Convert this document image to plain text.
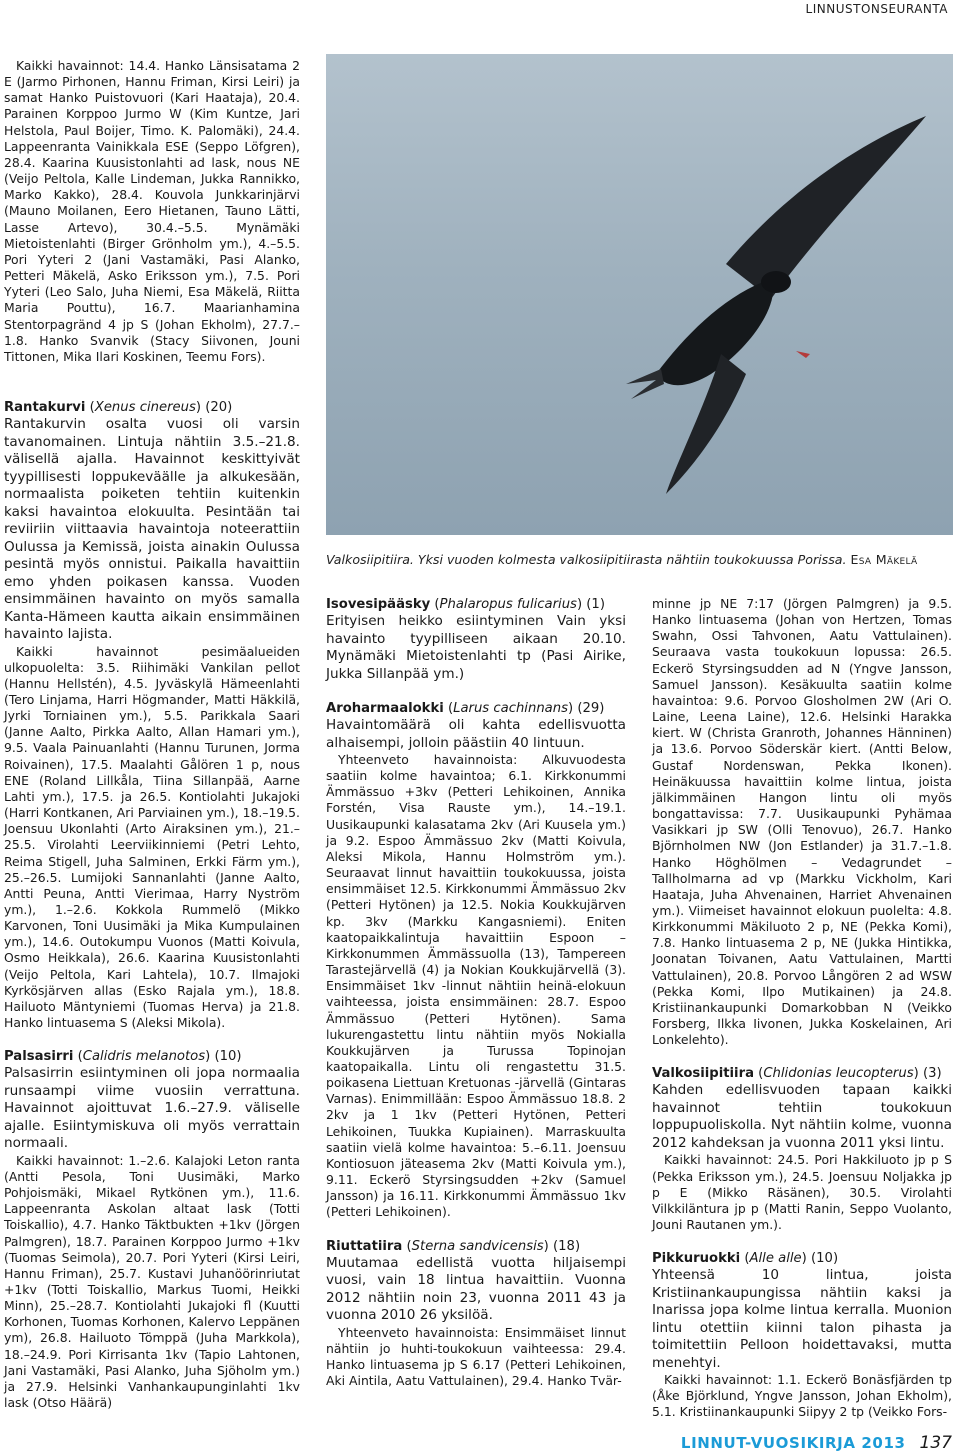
LINNUSTONSEURANTA

Kaikki havainnot: 14.4. Hanko Länsisatama 2 E (Jarmo Pirhonen, Hannu Friman, Kirsi Leiri) ja samat Hanko Puistovuori (Kari Haataja), 20.4. Parainen Korppoo Jurmo W (Kim Kuntze, Jari Helstola, Paul Boijer, Timo. K. Palomäki), 24.4. Lappeenranta Vainikkala ESE (Seppo Löfgren), 28.4. Kaarina Kuusistonlahti ad lask, nous NE (Veijo Peltola, Kalle Lindeman, Jukka Rannikko, Marko Kakko), 28.4. Kouvola Junkkarinjärvi (Mauno Moilanen, Eero Hietanen, Tauno Lätti, Lasse Artevo), 30.4.–5.5. Mynämäki Mietoistenlahti (Birger Grönholm ym.), 4.–5.5. Pori Yyteri 2 (Jani Vastamäki, Pasi Alanko, Petteri Mäkelä, Asko Eriksson ym.), 7.5. Pori Yyteri (Leo Salo, Juha Niemi, Esa Mäkelä, Riitta Maria Pouttu), 16.7. Maarianhamina Stentorpagränd 4 jp S (Johan Ekholm), 27.7.–1.8. Hanko Svanvik (Stacy Siivonen, Jouni Tittonen, Mika Ilari Koskinen, Teemu Fors).

Rantakurvi (Xenus cinereus) (20)

Rantakurvin osalta vuosi oli varsin tavanomainen. Lintuja nähtiin 3.5.–21.8. välisellä ajalla. Havainnot keskittyivät tyypillisesti loppukeväälle ja alkukesään, normaalista poiketen tehtiin kuitenkin kaksi havaintoa elokuulta. Pesintään tai reviiriin viittaavia havaintoja noteerattiin Oulussa ja Kemissä, joista ainakin Oulussa pesintä myös onnistui. Paikalla havaittiin emo yhden poikasen kanssa. Vuoden ensimmäinen havainto on myös samalla Kanta-Hämeen kautta aikain ensimmäinen havainto lajista.

Kaikki havainnot pesimäalueiden ulkopuolelta: 3.5. Riihimäki Vankilan pellot (Hannu Hellstén), 4.5. Jyväskylä Hämeenlahti (Tero Linjama, Harri Högmander, Matti Häkkilä, Jyrki Torniainen ym.), 5.5. Parikkala Saari (Janne Aalto, Pirkka Aalto, Allan Hamari ym.), 9.5. Vaala Painuanlahti (Hannu Turunen, Jorma Roivainen), 17.5. Maalahti Gålören 1 p, nous ENE (Roland Lillkåla, Tiina Sillanpää, Aarne Lahti ym.), 17.5. ja 26.5. Kontiolahti Jukajoki (Harri Kontkanen, Ari Parviainen ym.), 18.–19.5. Joensuu Ukonlahti (Arto Airaksinen ym.), 21.–25.5. Virolahti Leerviikinniemi (Petri Lehto, Reima Stigell, Juha Salminen, Erkki Färm ym.), 25.–26.5. Lumijoki Sannanlahti (Janne Aalto, Antti Peuna, Antti Vierimaa, Harry Nyström ym.), 1.–2.6. Kokkola Rummelö (Mikko Karvonen, Toni Uusimäki ja Mika Kumpulainen ym.), 14.6. Outokumpu Vuonos (Matti Koivula, Osmo Heikkala), 26.6. Kaarina Kuusistonlahti (Veijo Peltola, Kari Lahtela), 10.7. Ilmajoki Kyrkösjärven allas (Esko Rajala ym.), 18.8. Hailuoto Mäntyniemi (Tuomas Herva) ja 21.8. Hanko lintuasema S (Aleksi Mikola).

Palsasirri (Calidris melanotos) (10)

Palsasirrin esiintyminen oli jopa normaalia runsaampi viime vuosiin verrattuna. Havainnot ajoittuvat 1.6.–27.9. väliselle ajalle. Esiintymiskuva oli myös verrattain normaali.

Kaikki havainnot: 1.–2.6. Kalajoki Leton ranta (Antti Pesola, Toni Uusimäki, Marko Pohjoismäki, Mikael Rytkönen ym.), 11.6. Lappeenranta Askolan altaat lask (Totti Toiskallio), 4.7. Hanko Täktbukten +1kv (Jörgen Palmgren), 18.7. Parainen Korppoo Jurmo +1kv (Tuomas Seimola), 20.7. Pori Yyteri (Kirsi Leiri, Hannu Friman), 25.7. Kustavi Juhanöörinriutat +1kv (Totti Toiskallio, Markus Tuomi, Heikki Minn), 25.–28.7. Kontiolahti Jukajoki fl (Kuutti Korhonen, Tuomas Korhonen, Kalervo Leppänen ym), 26.8. Hailuoto Tömppä (Juha Markkola), 18.–24.9. Pori Kirrisanta 1kv (Tapio Lahtonen, Jani Vastamäki, Pasi Alanko, Juha Sjöholm ym.) ja 27.9. Helsinki Vanhankaupunginlahti 1kv lask (Otso Häärä)

Valkosiipitiira. Yksi vuoden kolmesta valkosiipitiirasta nähtiin toukokuussa Porissa. Esa Mäkelä
Isovesipääsky (Phalaropus fulicarius) (1)

Erityisen heikko esiintyminen Vain yksi havainto tyypilliseen aikaan 20.10. Mynämäki Mietoistenlahti tp (Pasi Airike, Jukka Sillanpää ym.)

Aroharmaalokki (Larus cachinnans) (29)

Havaintomäärä oli kahta edellisvuotta alhaisempi, jolloin päästiin 40 lintuun.

Yhteenveto havainnoista: Alkuvuodesta saatiin kolme havaintoa; 6.1. Kirkkonummi Ämmässuo +3kv (Petteri Lehikoinen, Annika Forstén, Visa Rauste ym.), 14.–19.1. Uusikaupunki kalasatama 2kv (Ari Kuusela ym.) ja 9.2. Espoo Ämmässuo 2kv (Matti Koivula, Aleksi Mikola, Hannu Holmström ym.). Seuraavat linnut havaittiin toukokuussa, joista ensimmäiset 12.5. Kirkkonummi Ämmässuo 2kv (Petteri Hytönen) ja 12.5. Nokia Koukkujärven kp. 3kv (Markku Kangasniemi). Eniten kaatopaikkalintuja havaittiin Espoon – Kirkkonummen Ämmässuolla (13), Tampereen Tarastejärvellä (4) ja Nokian Koukkujärvellä (3). Ensimmäiset 1kv -linnut nähtiin heinä-elokuun vaihteessa, joista ensimmäinen: 28.7. Espoo Ämmässuo (Petteri Hytönen). Sama lukurengastettu lintu nähtiin myös Nokialla Koukkujärven ja Turussa Topinojan kaatopaikalla. Lintu oli rengastettu 31.5. poikasena Liettuan Kretuonas -järvellä (Gintaras Varnas). Enimmillään: Espoo Ämmässuo 18.8. 2 2kv ja 1 1kv (Petteri Hytönen, Petteri Lehikoinen, Tuukka Kupiainen). Marraskuulta saatiin vielä kolme havaintoa: 5.–6.11. Joensuu Kontiosuon jäteasema 2kv (Matti Koivula ym.), 9.11. Eckerö Styrsingsudden +2kv (Samuel Jansson) ja 16.11. Kirkkonummi Ämmässuo 1kv (Petteri Lehikoinen).

Riuttatiira (Sterna sandvicensis) (18)

Muutamaa edellistä vuotta hiljaisempi vuosi, vain 18 lintua havaittiin. Vuonna 2012 nähtiin noin 23, vuonna 2011 43 ja vuonna 2010 26 yksilöä.

Yhteenveto havainnoista: Ensimmäiset linnut nähtiin jo huhti-toukokuun vaihteessa: 29.4. Hanko lintuasema jp S 6.17 (Petteri Lehikoinen, Aki Aintila, Aatu Vattulainen), 29.4. Hanko Tvär-

minne jp NE 7:17 (Jörgen Palmgren) ja 9.5. Hanko lintuasema (Johan von Hertzen, Tomas Swahn, Ossi Tahvonen, Aatu Vattulainen). Seuraava vasta toukokuun lopussa: 26.5. Eckerö Styrsingsudden ad N (Yngve Jansson, Samuel Jansson). Kesäkuulta saatiin kolme havaintoa: 9.6. Porvoo Glosholmen 2W (Ari O. Laine, Leena Laine), 12.6. Helsinki Harakka kiert. W (Christa Granroth, Johannes Hänninen) ja 13.6. Porvoo Söderskär kiert. (Antti Below, Gustaf Nordenswan, Pekka Ikonen). Heinäkuussa havaittiin kolme lintua, joista jälkimmäinen Hangon lintu oli myös bongattavissa: 7.7. Uusikaupunki Pyhämaa Vasikkari jp SW (Olli Tenovuo), 26.7. Hanko Björnholmen NW (Jon Estlander) ja 31.7.–1.8. Hanko Höghölmen – Vedagrundet – Tallholmarna ad vp (Markku Vickholm, Kari Haataja, Juha Ahvenainen, Harriet Ahvenainen ym.). Viimeiset havainnot elokuun puolelta: 4.8. Kirkkonummi Mäkiluoto 2 p, NE (Pekka Komi), 7.8. Hanko lintuasema 2 p, NE (Jukka Hintikka, Joonatan Toivanen, Aatu Vattulainen, Martti Vattulainen), 20.8. Porvoo Långören 2 ad WSW (Pekka Komi, Ilpo Mutikainen) ja 24.8. Kristiinankaupunki Domarkobban N (Veikko Forsberg, Ilkka Iivonen, Jukka Koskelainen, Ari Lonkelehto).

Valkosiipitiira (Chlidonias leucopterus) (3)

Kahden edellisvuoden tapaan kaikki havainnot tehtiin toukokuun loppupuoliskolla. Nyt nähtiin kolme, vuonna 2012 kahdeksan ja vuonna 2011 yksi lintu.

Kaikki havainnot: 24.5. Pori Hakkiluoto jp p S (Pekka Eriksson ym.), 24.5. Joensuu Noljakka jp p E (Mikko Räsänen), 30.5. Virolahti Vilkkiläntura jp p (Matti Ranin, Seppo Vuolanto, Jouni Rautanen ym.).

Pikkuruokki (Alle alle) (10)

Yhteensä 10 lintua, joista Kristiinankaupungissa nähtiin kaksi ja Inarissa jopa kolme lintua kerralla. Muonion lintu otettiin kiinni talon pihasta ja toimitettiin Pelloon hoidettavaksi, mutta menehtyi.

Kaikki havainnot: 1.1. Eckerö Bonäsfjärden tp (Åke Björklund, Yngve Jansson, Johan Ekholm), 5.1. Kristiinankaupunki Siipyy 2 tp (Veikko Fors-

LINNUT-VUOSIKIRJA 2013 137
